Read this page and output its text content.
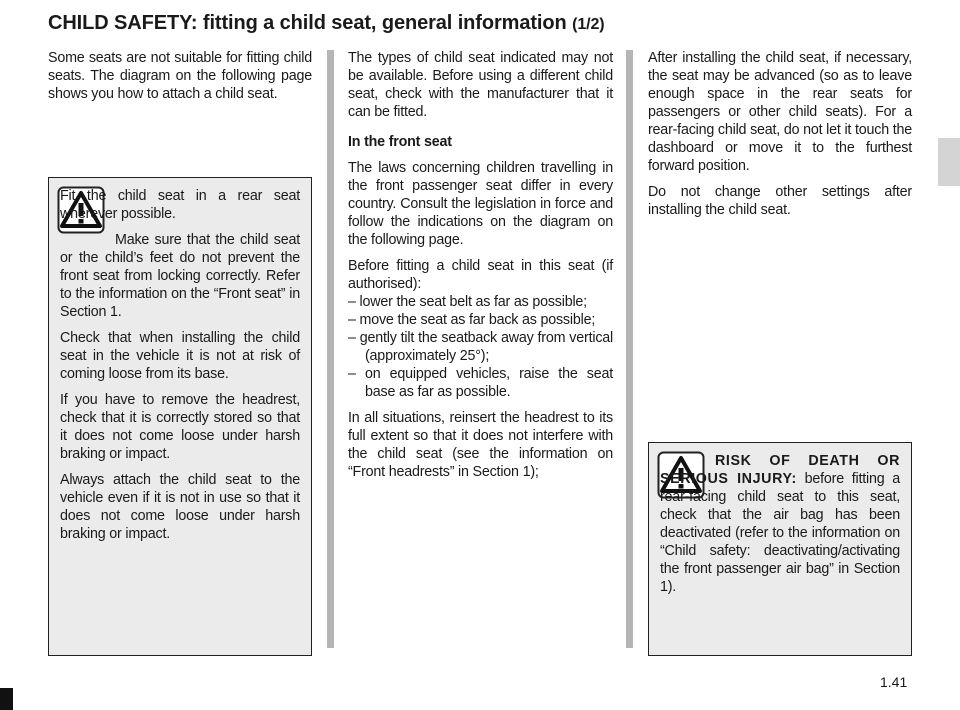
CHILD SAFETY: fitting a child seat, general information (1/2)

Some seats are not suitable for fitting child seats. The diagram on the following page shows you how to attach a child seat.

Fit the child seat in a rear seat wherever possible.

Make sure that the child seat or the child’s feet do not prevent the front seat from locking correctly. Refer to the information on the “Front seat” in Section 1.

Check that when installing the child seat in the vehicle it is not at risk of coming loose from its base.

If you have to remove the headrest, check that it is correctly stored so that it does not come loose under harsh braking or impact.

Always attach the child seat to the vehicle even if it is not in use so that it does not come loose under harsh braking or impact.

The types of child seat indicated may not be available. Before using a different child seat, check with the manufacturer that it can be fitted.

In the front seat

The laws concerning children travelling in the front passenger seat differ in every country. Consult the legislation in force and follow the indications on the diagram on the following page.

Before fitting a child seat in this seat (if authorised):

– lower the seat belt as far as possible;
– move the seat as far back as possible;
– gently tilt the seatback away from vertical (approximately 25°);
– on equipped vehicles, raise the seat base as far as possible.

In all situations, reinsert the headrest to its full extent so that it does not interfere with the child seat (see the information on “Front headrests” in Section 1);

After installing the child seat, if necessary, the seat may be advanced (so as to leave enough space in the rear seats for passengers or other child seats). For a rear-facing child seat, do not let it touch the dashboard or move it to the furthest forward position.

Do not change other settings after installing the child seat.

RISK OF DEATH OR SERIOUS INJURY: before fitting a rear-facing child seat to this seat, check that the air bag has been deactivated (refer to the information on “Child safety: deactivating/activating the front passenger air bag” in Section 1).

1.41
